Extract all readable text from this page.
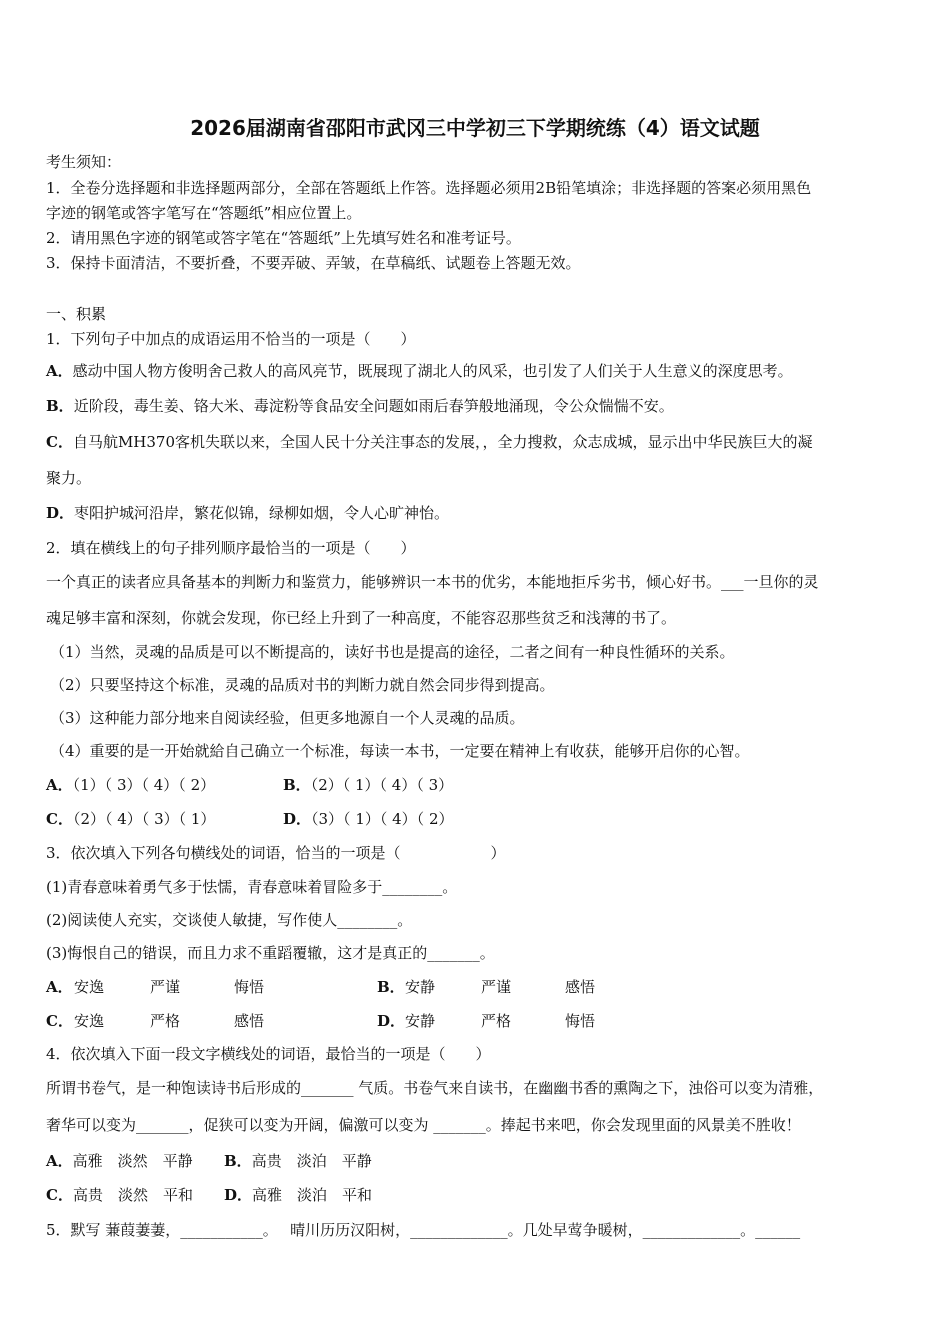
2026届湖南省邵阳市武冈三中学初三下学期统练（4）语文试题
考生须知：
1．全卷分选择题和非选择题两部分，全部在答题纸上作答。选择题必须用2B铅笔填涂；非选择题的答案必须用黑色
字迹的钢笔或答字笔写在“答题纸”相应位置上。
2．请用黑色字迹的钢笔或答字笔在“答题纸”上先填写姓名和准考证号。
3．保持卡面清洁，不要折叠，不要弄破、弄皱，在草稿纸、试题卷上答题无效。
一、积累
1．下列句子中加点的成语运用不恰当的一项是（　　）
A．感动中国人物方俊明舍己救人的高风亮节，既展现了湖北人的风采，也引发了人们关于人生意义的深度思考。
B．近阶段，毒生姜、铬大米、毒淀粉等食品安全问题如雨后春笋般地涌现，令公众惴惴不安。
C．自马航MH370客机失联以来，全国人民十分关注事态的发展，，全力搜救，众志成城，显示出中华民族巨大的凝
聚力。
D．枣阳护城河沿岸，繁花似锦，绿柳如烟，令人心旷神怡。
2．填在横线上的句子排列顺序最恰当的一项是（　　）
一个真正的读者应具备基本的判断力和鉴赏力，能够辨识一本书的优劣，本能地拒斥劣书，倾心好书。___一旦你的灵
魂足够丰富和深刻，你就会发现，你已经上升到了一种高度，不能容忍那些贫乏和浅薄的书了。
（1）当然，灵魂的品质是可以不断提高的，读好书也是提高的途径，二者之间有一种良性循环的关系。
（2）只要坚持这个标准，灵魂的品质对书的判断力就自然会同步得到提高。
（3）这种能力部分地来自阅读经验，但更多地源自一个人灵魂的品质。
（4）重要的是一开始就給自己确立一个标准，每读一本书，一定要在精神上有收获，能够开启你的心智。
A．（1）（ 3）（ 4）（ 2）	B．（2）（ 1）（ 4）（ 3）
C．（2）（ 4）（ 3）（ 1）	D．（3）（ 1）（ 4）（ 2）
3．依次填入下列各句横线处的词语，恰当的一项是（　　　　　　）
(1)青春意味着勇气多于怯懦，青春意味着冒险多于________。
(2)阅读使人充实，交谈使人敏捷，写作使人________。
(3)悔恨自己的错误，而且力求不重蹈覆辙，这才是真正的_______。
A．安逸	严谨	悔悟	B．安静	严谨	感悟
C．安逸	严格	感悟	D．安静	严格	悔悟
4．依次填入下面一段文字横线处的词语，最恰当的一项是（　　）
所谓书卷气，是一种饱读诗书后形成的_______ 气质。书卷气来自读书，在幽幽书香的熏陶之下，浊俗可以变为清雅，
奢华可以变为_______，促狭可以变为开阔，偏激可以变为 _______。捧起书来吧，你会发现里面的风景美不胜收！
A．高雅　淡然　平静 B．高贵　淡泊　平静
C．高贵　淡然　平和 D．高雅　淡泊　平和
5．默写 蒹葭萋萋，___________。　 晴川历历汉阳树，_____________。几处早莺争暖树，_____________。______
